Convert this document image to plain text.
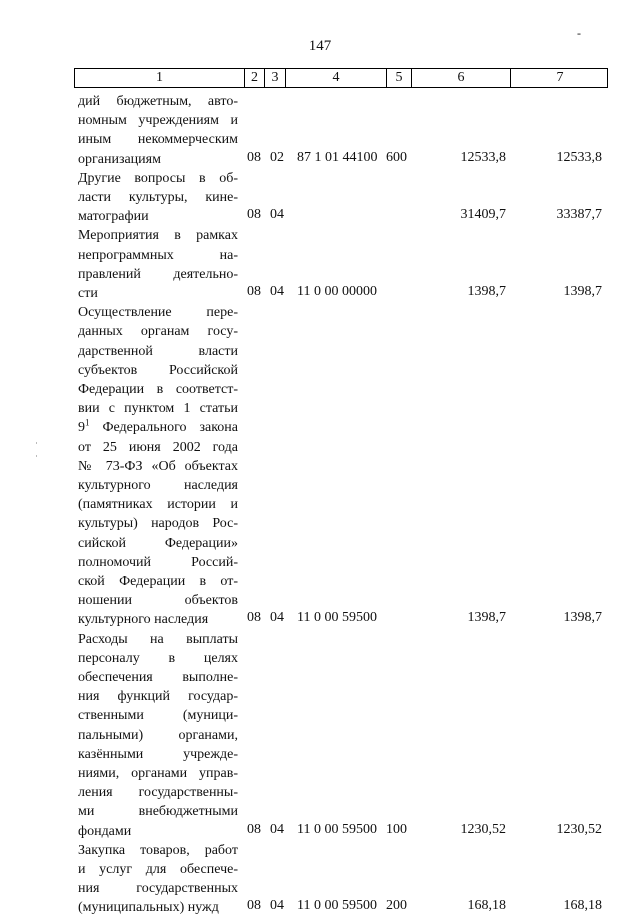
147
-
1	2 3	4	5	6	7
дий бюджетным, авто-
номным учреждениям и
иным некоммерческим
организациям	08 02 87 1 01 44100 600	12533,8	12533,8
Другие вопросы в об-
ласти культуры, кине-
матографии	08 04	31409,7	33387,7
Мероприятия в рамках
непрограммных на-
правлений деятельно-
сти	08 04 11 0 00 00000	1398,7	1398,7
Осуществление пере-
данных органам госу-
дарственной власти
субъектов Российской
Федерации в соответст-
вии с пунктом 1 статьи
$9^1$ Федерального закона
от 25 июня 2002 года
№ 73-ФЗ «Об объектах
культурного наследия
(памятниках истории и
культуры) народов Рос-
сийской Федерации»
полномочий Россий-
ской Федерации в от-
ношении объектов
культурного наследия	08 04 11 0 00 59500	1398,7	1398,7
Расходы на выплаты
персоналу в целях
обеспечения выполне-
ния функций государ-
ственными (муници-
пальными) органами,
казёнными учрежде-
ниями, органами управ-
ления государственны-
ми внебюджетными
фондами	08 04 11 0 00 59500 100	1230,52	1230,52
Закупка товаров, работ
и услуг для обеспече-
ния государственных
(муниципальных) нужд	08 04 11 0 00 59500 200	168,18	168,18
